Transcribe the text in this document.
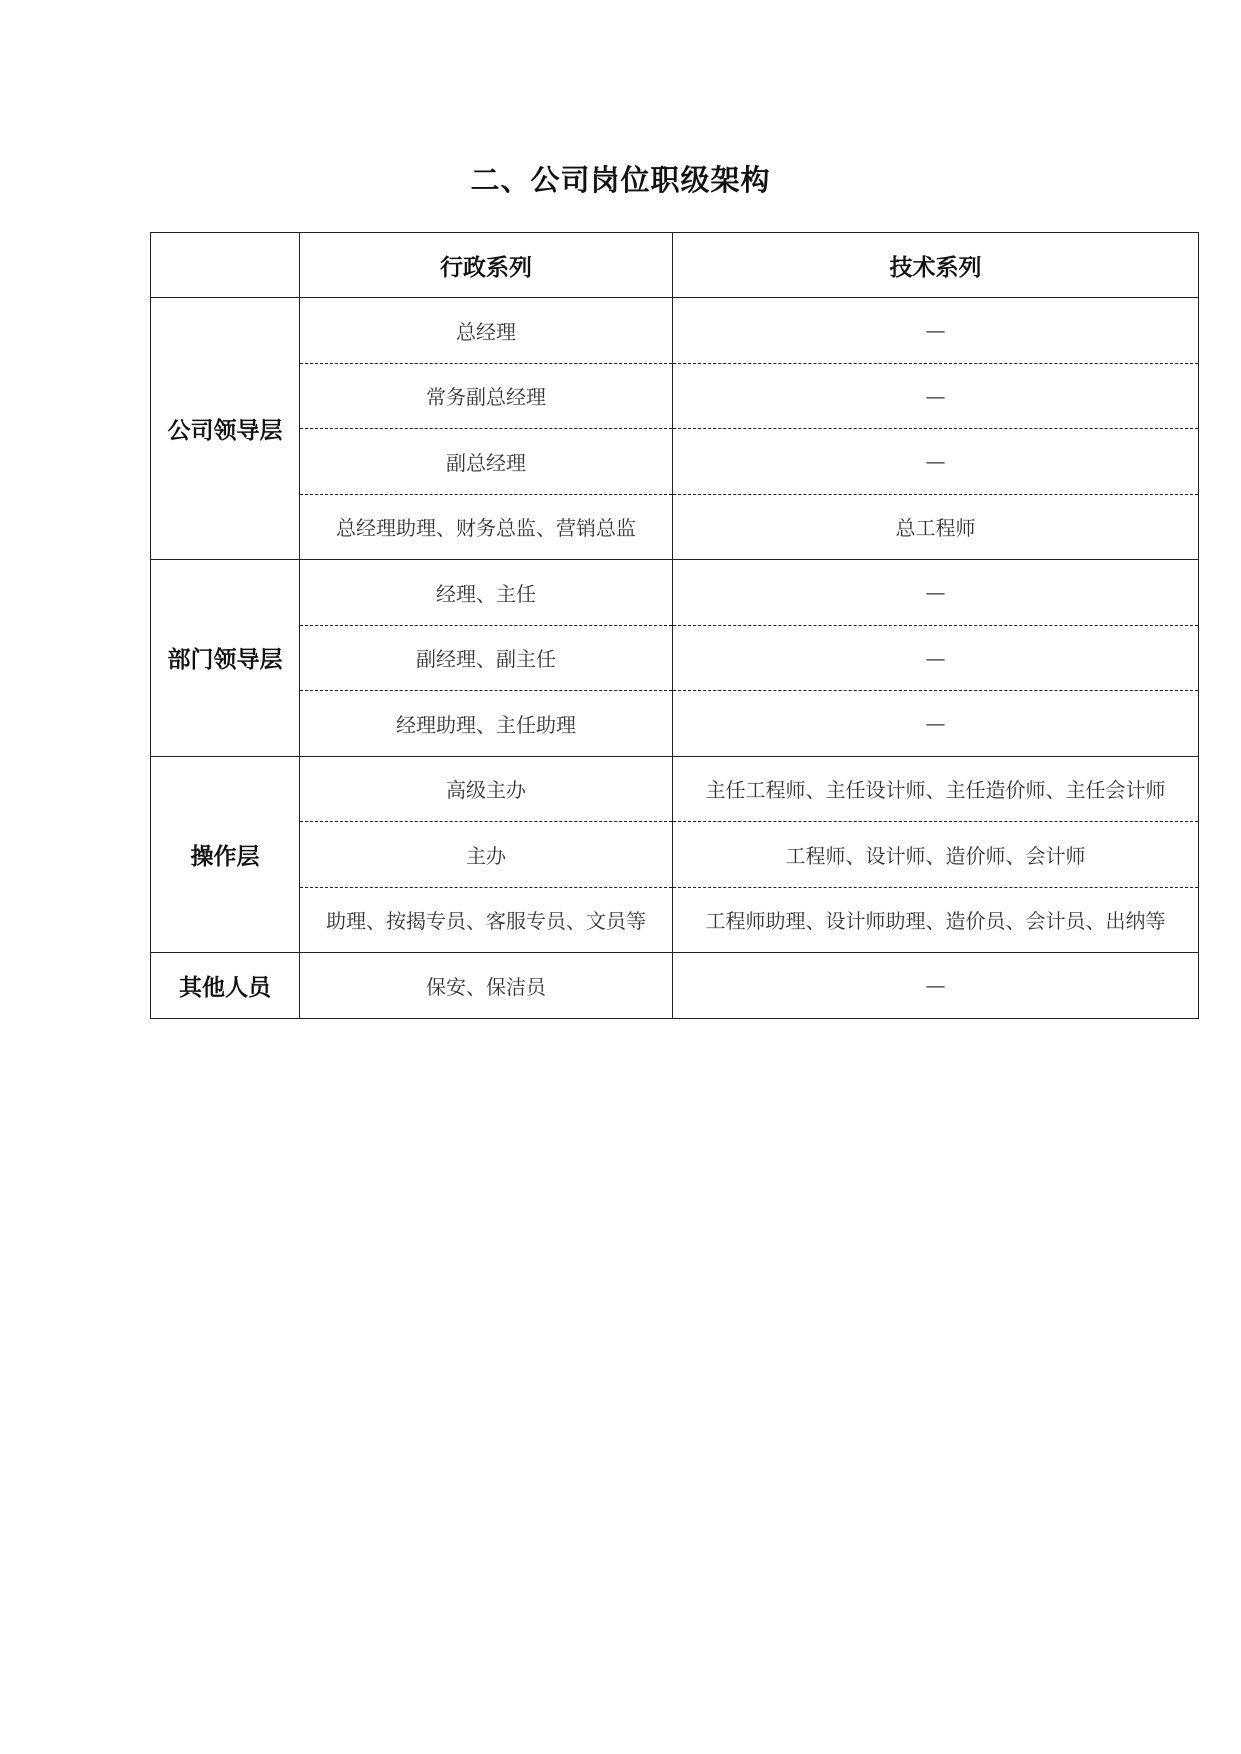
二、公司岗位职级架构
	行政系列	技术系列
公司领导层	总经理	—
	常务副总经理	—
	副总经理	—
	总经理助理、财务总监、营销总监	总工程师
部门领导层	经理、主任	—
	副经理、副主任	—
	经理助理、主任助理	—
操作层	高级主办	主任工程师、主任设计师、主任造价师、主任会计师
	主办	工程师、设计师、造价师、会计师
	助理、按揭专员、客服专员、文员等	工程师助理、设计师助理、造价员、会计员、出纳等
其他人员	保安、保洁员	—
